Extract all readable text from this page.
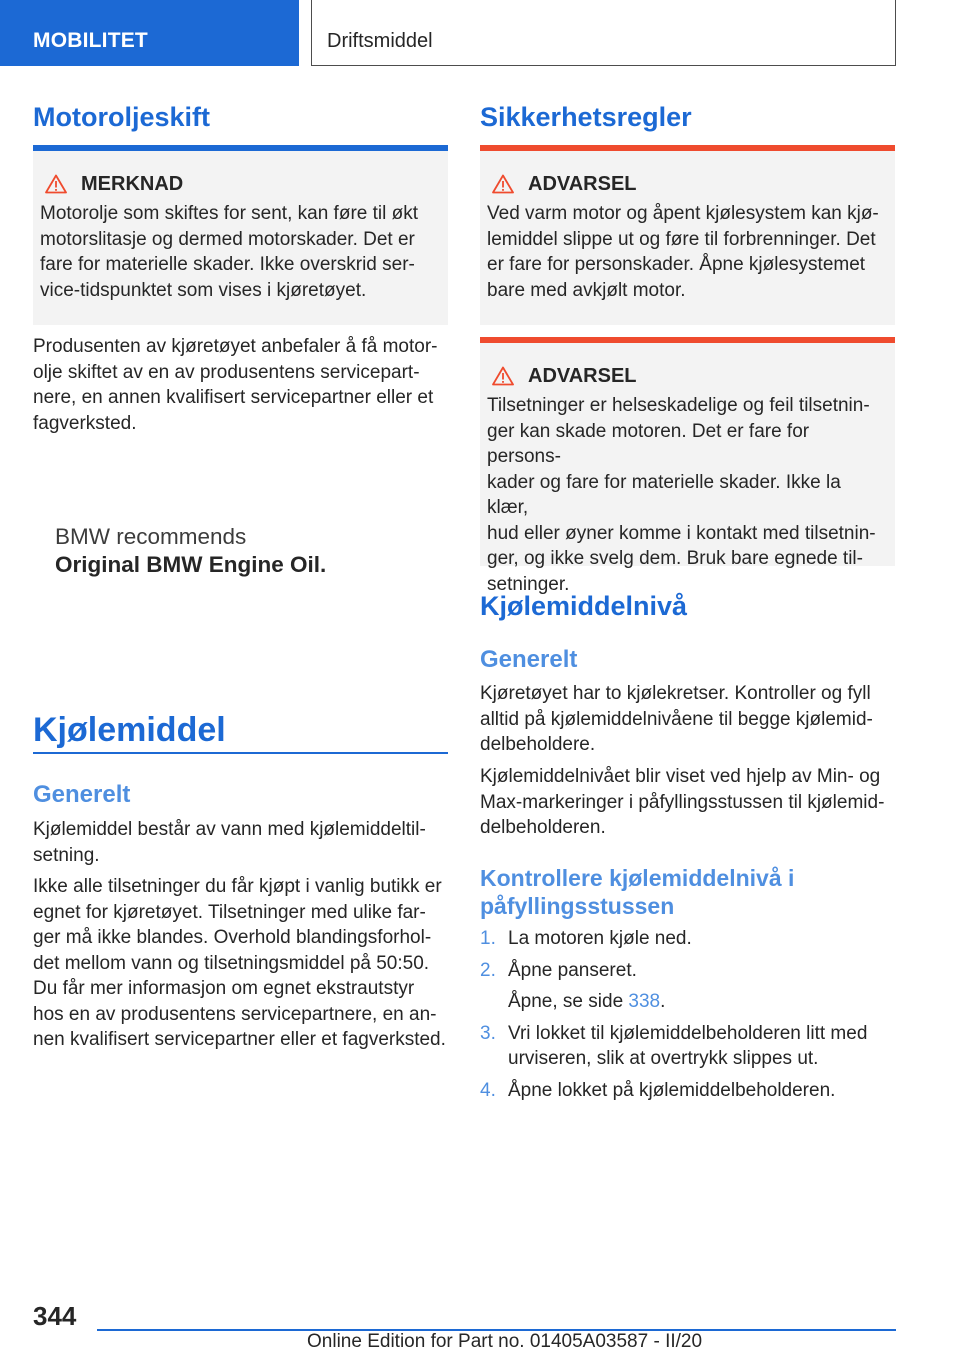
MOBILITET	Driftsmiddel
Motoroljeskift
MERKNAD
Motorolje som skiftes for sent, kan føre til økt
motorslitasje og dermed motorskader. Det er
fare for materielle skader. Ikke overskrid ser-
vice-tidspunktet som vises i kjøretøyet.
Produsenten av kjøretøyet anbefaler å få motor-
olje skiftet av en av produsentens servicepart-
nere, en annen kvalifisert servicepartner eller et
fagverksted.
BMW recommends
Original BMW Engine Oil.
Kjølemiddel
Generelt
Kjølemiddel består av vann med kjølemiddeltil-
setning.
Ikke alle tilsetninger du får kjøpt i vanlig butikk er
egnet for kjøretøyet. Tilsetninger med ulike far-
ger må ikke blandes. Overhold blandingsforhol-
det mellom vann og tilsetningsmiddel på 50:50.
Du får mer informasjon om egnet ekstrautstyr
hos en av produsentens servicepartnere, en an-
nen kvalifisert servicepartner eller et fagverksted.
Sikkerhetsregler
ADVARSEL
Ved varm motor og åpent kjølesystem kan kjø-
lemiddel slippe ut og føre til forbrenninger. Det
er fare for personskader. Åpne kjølesystemet
bare med avkjølt motor.
ADVARSEL
Tilsetninger er helseskadelige og feil tilsetnin-
ger kan skade motoren. Det er fare for persons-
kader og fare for materielle skader. Ikke la klær,
hud eller øyner komme i kontakt med tilsetnin-
ger, og ikke svelg dem. Bruk bare egnede til-
setninger.
Kjølemiddelnivå
Generelt
Kjøretøyet har to kjølekretser. Kontroller og fyll
alltid på kjølemiddelnivåene til begge kjølemid-
delbeholdere.
Kjølemiddelnivået blir viset ved hjelp av Min- og
Max-markeringer i påfyllingsstussen til kjølemid-
delbeholderen.
Kontrollere kjølemiddelnivå i
påfyllingsstussen
1. La motoren kjøle ned.
2. Åpne panseret.
Åpne, se side 338.
3. Vri lokket til kjølemiddelbeholderen litt med
urviseren, slik at overtrykk slippes ut.
4. Åpne lokket på kjølemiddelbeholderen.
344
Online Edition for Part no. 01405A03587 - II/20
